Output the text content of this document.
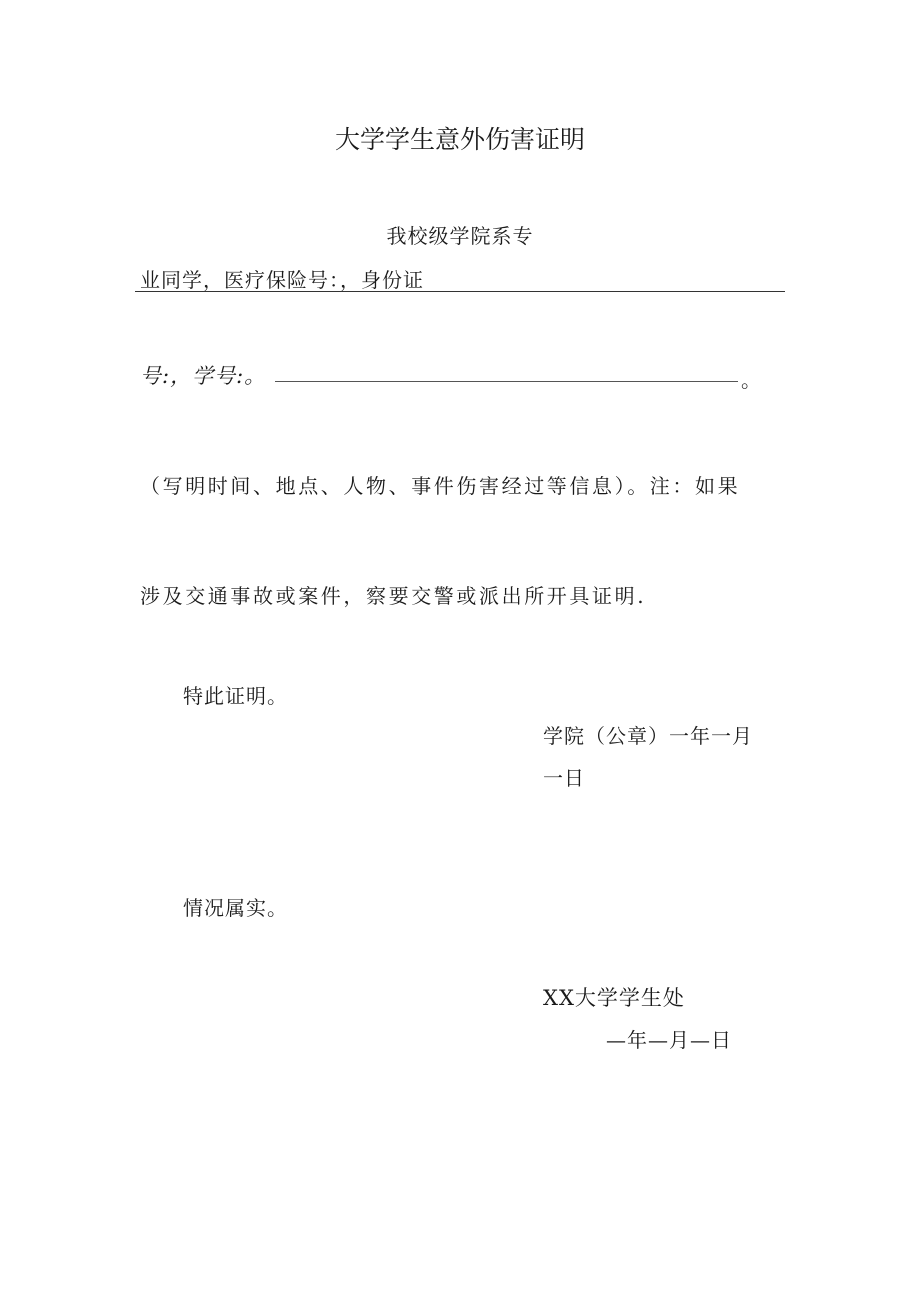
大学学生意外伤害证明
我校级学院系专
业同学，医疗保险号：，身份证
号:，学号:。	。
（写明时间、地点、人物、事件伤害经过等信息）。注：如果
涉及交通事故或案件，察要交警或派出所开具证明.
特此证明。
学院（公章）一年一月
一日
情况属实。
XX大学学生处
—年—月—日
